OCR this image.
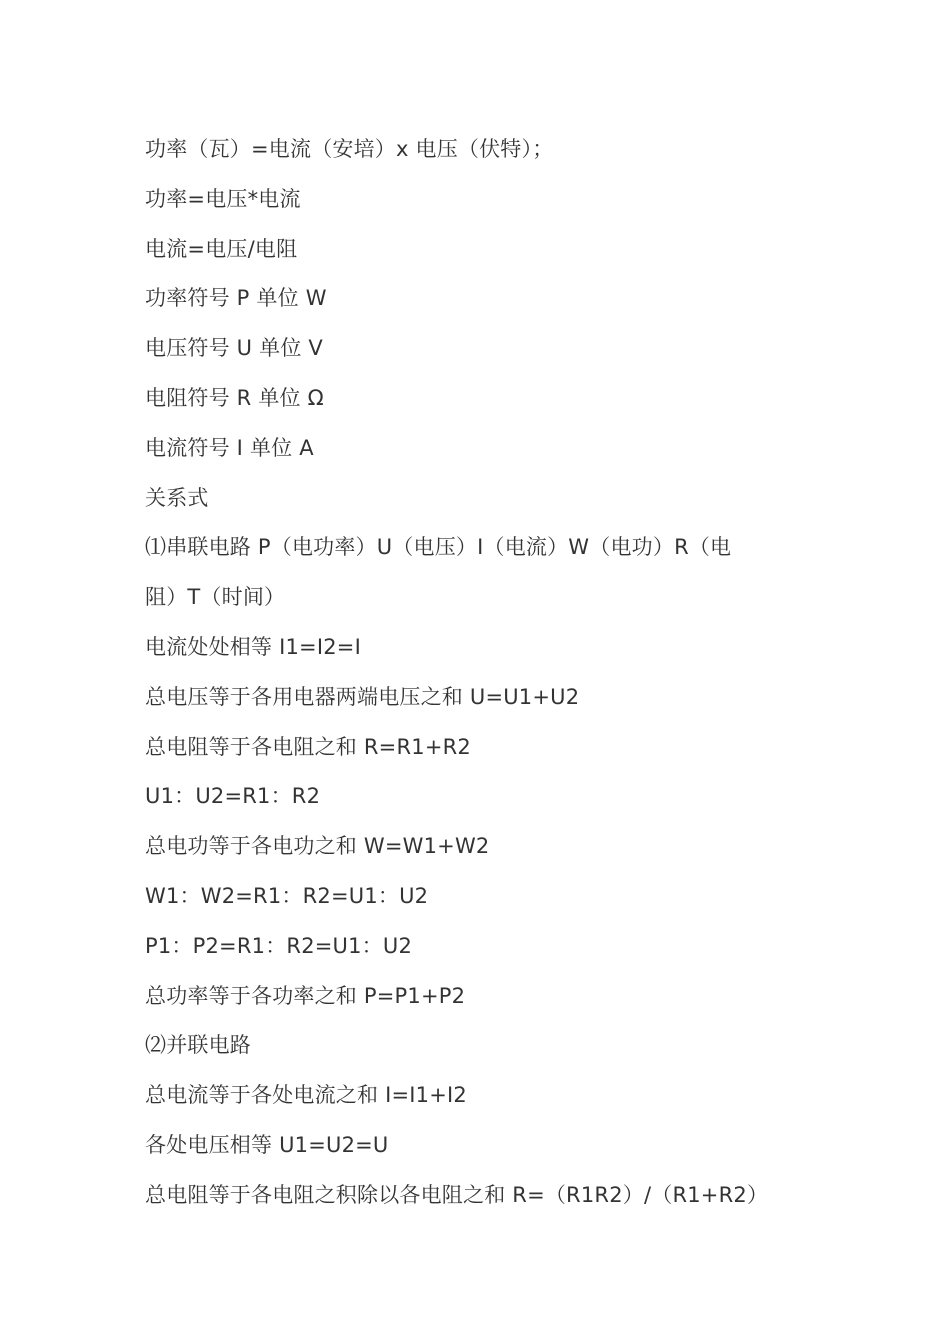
功率（瓦）=电流（安培）x 电压（伏特）；
功率=电压*电流
电流=电压/电阻
功率符号 P 单位 W
电压符号 U 单位 V
电阻符号 R 单位 Ω
电流符号 I 单位 A
关系式
⑴串联电路 P（电功率）U（电压）I（电流）W（电功）R（电
阻）T（时间）
电流处处相等 I1=I2=I
总电压等于各用电器两端电压之和 U=U1+U2
总电阻等于各电阻之和 R=R1+R2
U1：U2=R1：R2
总电功等于各电功之和 W=W1+W2
W1：W2=R1：R2=U1：U2
P1：P2=R1：R2=U1：U2
总功率等于各功率之和 P=P1+P2
⑵并联电路
总电流等于各处电流之和 I=I1+I2
各处电压相等 U1=U2=U
总电阻等于各电阻之积除以各电阻之和 R=（R1R2）/（R1+R2）
